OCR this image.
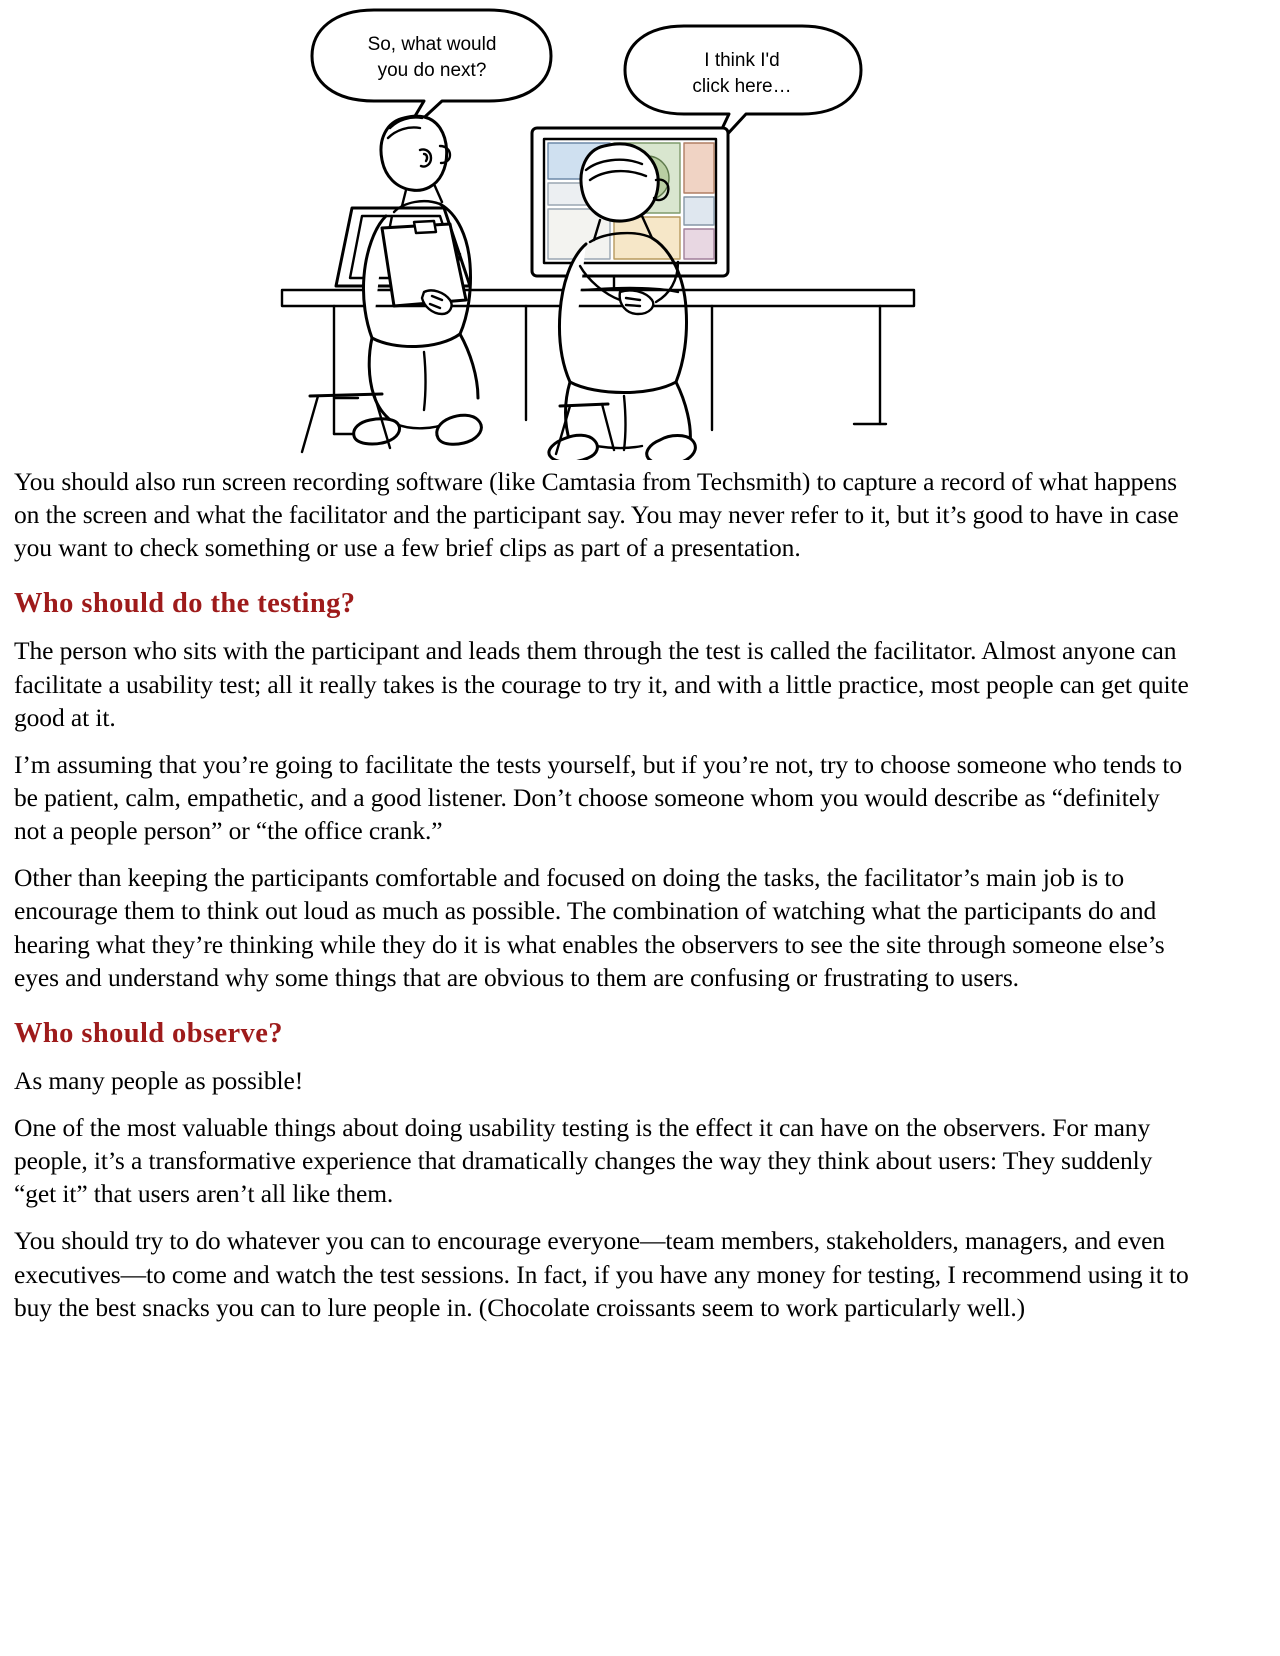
So, what would
you do next?	I think I'd
click here…

You should also run screen recording software (like Camtasia from Techsmith) to capture a record of what happens on the screen and what the facilitator and the participant say. You may never refer to it, but it’s good to have in case you want to check something or use a few brief clips as part of a presentation.

Who should do the testing?

The person who sits with the participant and leads them through the test is called the facilitator. Almost anyone can facilitate a usability test; all it really takes is the courage to try it, and with a little practice, most people can get quite good at it.

I’m assuming that you’re going to facilitate the tests yourself, but if you’re not, try to choose someone who tends to be patient, calm, empathetic, and a good listener. Don’t choose someone whom you would describe as “definitely not a people person” or “the office crank.”

Other than keeping the participants comfortable and focused on doing the tasks, the facilitator’s main job is to encourage them to think out loud as much as possible. The combination of watching what the participants do and hearing what they’re thinking while they do it is what enables the observers to see the site through someone else’s eyes and understand why some things that are obvious to them are confusing or frustrating to users.

Who should observe?

As many people as possible!

One of the most valuable things about doing usability testing is the effect it can have on the observers. For many people, it’s a transformative experience that dramatically changes the way they think about users: They suddenly “get it” that users aren’t all like them.

You should try to do whatever you can to encourage everyone—team members, stakeholders, managers, and even executives—to come and watch the test sessions. In fact, if you have any money for testing, I recommend using it to buy the best snacks you can to lure people in. (Chocolate croissants seem to work particularly well.)
